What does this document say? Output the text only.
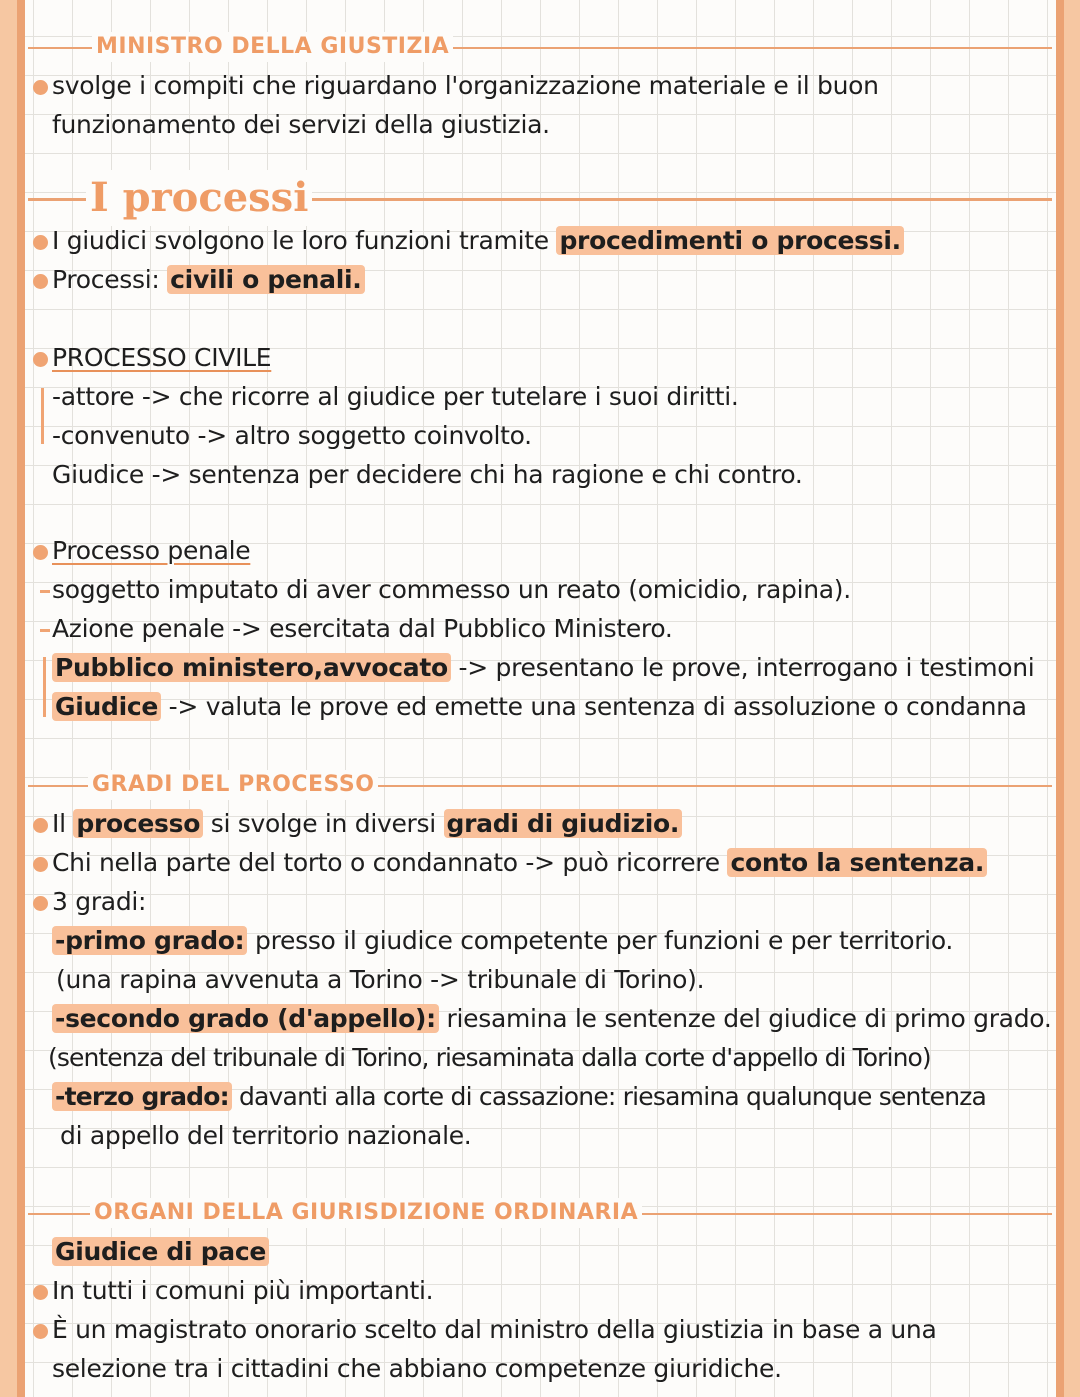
MINISTRO DELLA GIUSTIZIA
svolge i compiti che riguardano l'organizzazione materiale e il buon
funzionamento dei servizi della giustizia.
I processi
I giudici svolgono le loro funzioni tramite procedimenti o processi.
Processi: civili o penali.
PROCESSO CIVILE
-attore -> che ricorre al giudice per tutelare i suoi diritti.
-convenuto -> altro soggetto coinvolto.
Giudice -> sentenza per decidere chi ha ragione e chi contro.
Processo penale
soggetto imputato di aver commesso un reato (omicidio, rapina).
Azione penale -> esercitata dal Pubblico Ministero.
Pubblico ministero,avvocato -> presentano le prove, interrogano i testimoni
Giudice -> valuta le prove ed emette una sentenza di assoluzione o condanna
GRADI DEL PROCESSO
Il processo si svolge in diversi gradi di giudizio.
Chi nella parte del torto o condannato -> può ricorrere conto la sentenza.
3 gradi:
-primo grado: presso il giudice competente per funzioni e per territorio.
(una rapina avvenuta a Torino -> tribunale di Torino).
-secondo grado (d'appello): riesamina le sentenze del giudice di primo grado.
(sentenza del tribunale di Torino, riesaminata dalla corte d'appello di Torino)
-terzo grado: davanti alla corte di cassazione: riesamina qualunque sentenza
di appello del territorio nazionale.
ORGANI DELLA GIURISDIZIONE ORDINARIA
Giudice di pace
In tutti i comuni più importanti.
È un magistrato onorario scelto dal ministro della giustizia in base a una
selezione tra i cittadini che abbiano competenze giuridiche.
